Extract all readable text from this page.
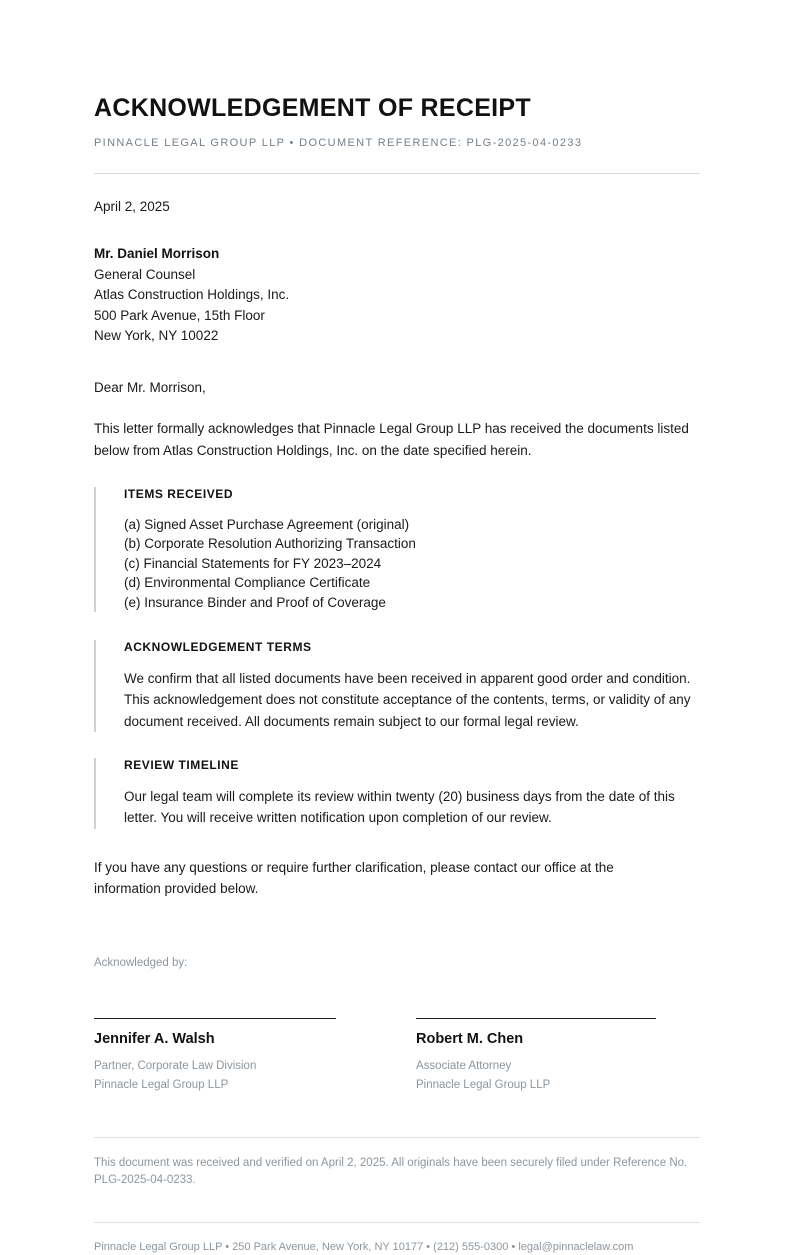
ACKNOWLEDGEMENT OF RECEIPT

PINNACLE LEGAL GROUP LLP • DOCUMENT REFERENCE: PLG-2025-04-0233

April 2, 2025

Mr. Daniel Morrison
General Counsel
Atlas Construction Holdings, Inc.
500 Park Avenue, 15th Floor
New York, NY 10022

Dear Mr. Morrison,

This letter formally acknowledges that Pinnacle Legal Group LLP has received the documents listed below from Atlas Construction Holdings, Inc. on the date specified herein.

ITEMS RECEIVED
(a) Signed Asset Purchase Agreement (original)
(b) Corporate Resolution Authorizing Transaction
(c) Financial Statements for FY 2023–2024
(d) Environmental Compliance Certificate
(e) Insurance Binder and Proof of Coverage
ACKNOWLEDGEMENT TERMS

We confirm that all listed documents have been received in apparent good order and condition. This acknowledgement does not constitute acceptance of the contents, terms, or validity of any document received. All documents remain subject to our formal legal review.

REVIEW TIMELINE

Our legal team will complete its review within twenty (20) business days from the date of this letter. You will receive written notification upon completion of our review.

If you have any questions or require further clarification, please contact our office at the information provided below.

Acknowledged by:

Jennifer A. Walsh
Partner, Corporate Law Division
Pinnacle Legal Group LLP
Robert M. Chen
Associate Attorney
Pinnacle Legal Group LLP

This document was received and verified on April 2, 2025. All originals have been securely filed under Reference No. PLG-2025-04-0233.

Pinnacle Legal Group LLP • 250 Park Avenue, New York, NY 10177 • (212) 555-0300 • legal@pinnaclelaw.com
